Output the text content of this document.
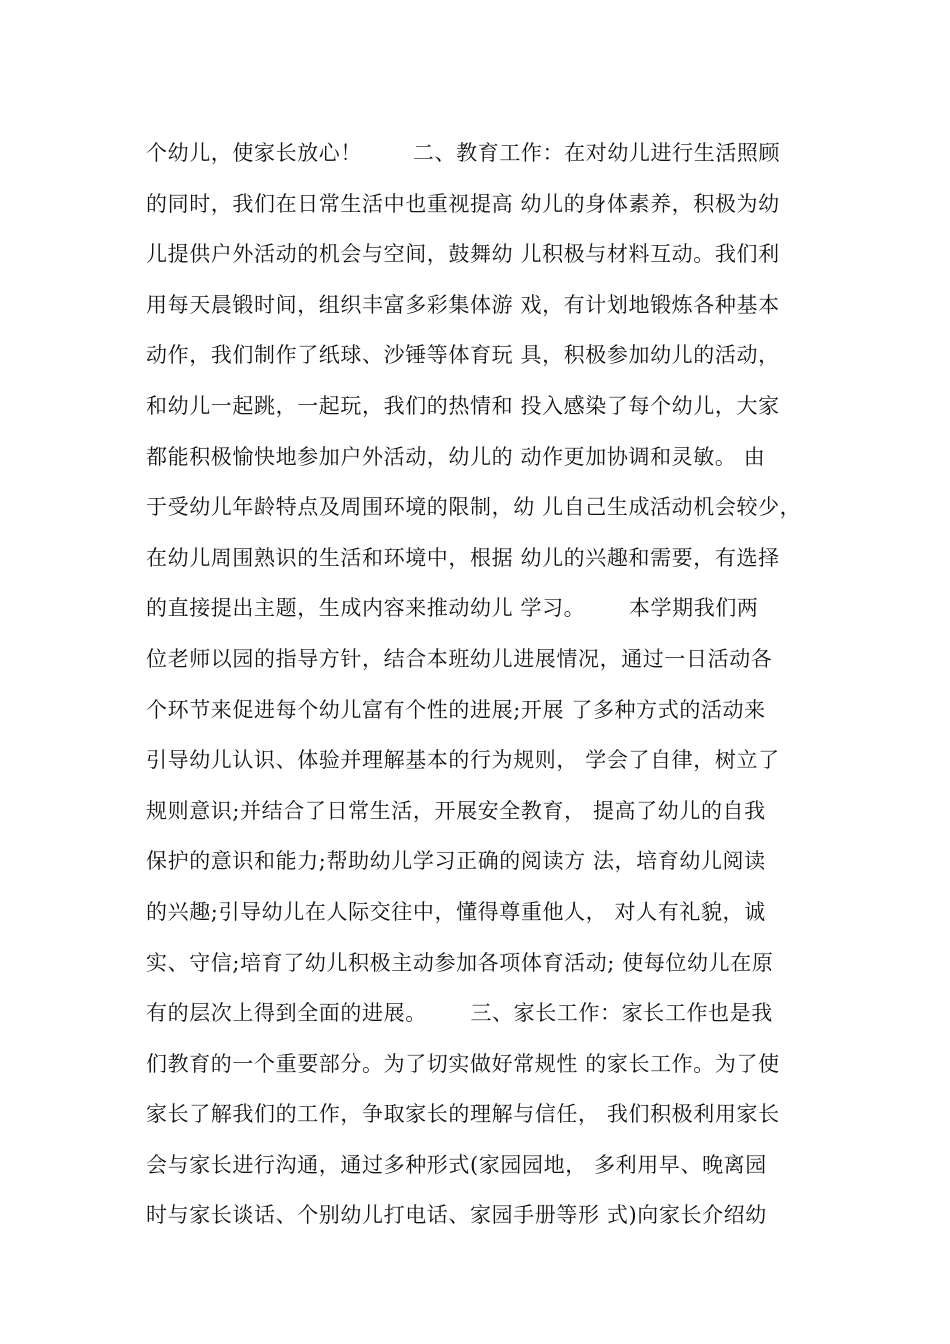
个幼儿，使家长放心！       二、教育工作：在对幼儿进行生活照顾
的同时，我们在日常生活中也重视提高 幼儿的身体素养，积极为幼
儿提供户外活动的机会与空间，鼓舞幼 儿积极与材料互动。我们利
用每天晨锻时间，组织丰富多彩集体游 戏，有计划地锻炼各种基本
动作，我们制作了纸球、沙锤等体育玩 具，积极参加幼儿的活动，
和幼儿一起跳，一起玩，我们的热情和 投入感染了每个幼儿，大家
都能积极愉快地参加户外活动，幼儿的 动作更加协调和灵敏。 由
于受幼儿年龄特点及周围环境的限制，幼 儿自己生成活动机会较少，
在幼儿周围熟识的生活和环境中，根据 幼儿的兴趣和需要，有选择
的直接提出主题，生成内容来推动幼儿 学习。      本学期我们两
位老师以园的指导方针，结合本班幼儿进展情况，通过一日活动各
个环节来促进每个幼儿富有个性的进展;开展 了多种方式的活动来
引导幼儿认识、体验并理解基本的行为规则， 学会了自律，树立了
规则意识;并结合了日常生活，开展安全教育， 提高了幼儿的自我
保护的意识和能力;帮助幼儿学习正确的阅读方 法，培育幼儿阅读
的兴趣;引导幼儿在人际交往中，懂得尊重他人， 对人有礼貌，诚
实、守信;培育了幼儿积极主动参加各项体育活动; 使每位幼儿在原
有的层次上得到全面的进展。      三、家长工作：家长工作也是我
们教育的一个重要部分。为了切实做好常规性 的家长工作。为了使
家长了解我们的工作，争取家长的理解与信任， 我们积极利用家长
会与家长进行沟通，通过多种形式(家园园地， 多利用早、晚离园
时与家长谈话、个别幼儿打电话、家园手册等形 式)向家长介绍幼
